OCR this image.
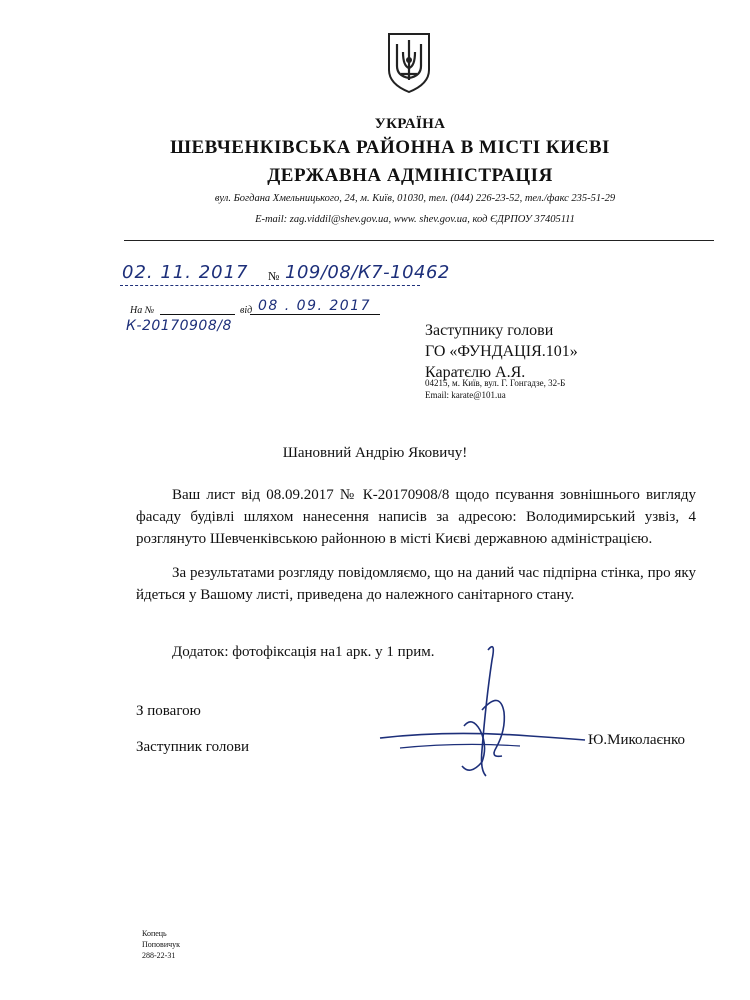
УКРАЇНА
ШЕВЧЕНКІВСЬКА РАЙОННА В МІСТІ КИЄВІ
ДЕРЖАВНА АДМІНІСТРАЦІЯ
вул. Богдана Хмельницького, 24, м. Київ, 01030, тел. (044) 226-23-52, тел./факс 235-51-29
E-mail: zag.viddil@shev.gov.ua, www. shev.gov.ua, код ЄДРПОУ 37405111
02. 11. 2017 № 109/08/К7-10462
На №	від 08 . 09. 2017
К-20170908/8	Заступнику голови
ГО «ФУНДАЦІЯ.101»
Каратєлю А.Я.
04215, м. Київ, вул. Г. Гонгадзе, 32-Б
Email: karate@101.ua
Шановний Андрію Яковичу!
Ваш лист від 08.09.2017 № К-20170908/8 щодо псування зовнішнього вигляду фасаду будівлі шляхом нанесення написів за адресою: Володимирський узвіз, 4 розглянуто Шевченківською районною в місті Києві державною адміністрацією.
За результатами розгляду повідомляємо, що на даний час підпірна стінка, про яку йдеться у Вашому листі, приведена до належного санітарного стану.
Додаток: фотофіксація на1 арк. у 1 прим.
З повагою
Заступник голови	Ю.Миколаєнко
Копець
Поповичук
288-22-31
